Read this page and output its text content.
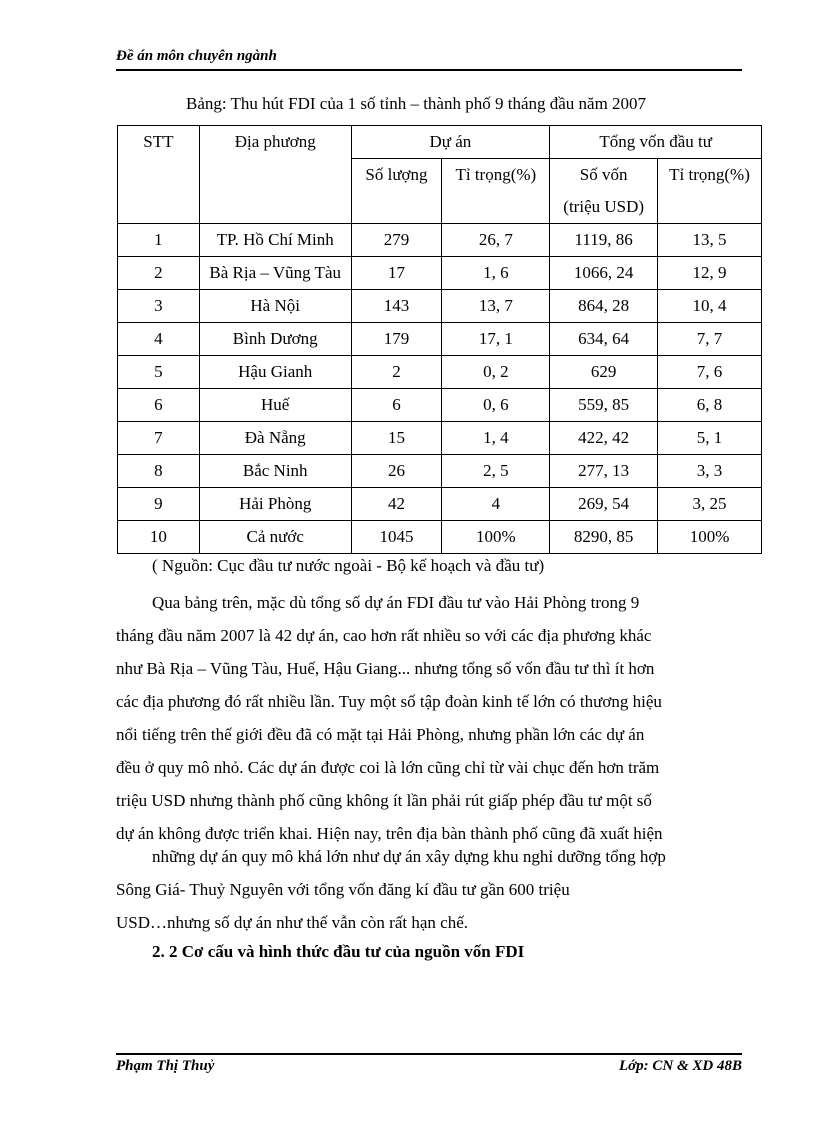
Đề án môn chuyên ngành
Bảng: Thu hút FDI của 1 số tỉnh – thành phố 9 tháng đầu năm 2007
STT	Địa phương	Dự án		Tổng vốn đầu tư	
		Số lượng	Tỉ trọng(%)	Số vốn	Tỉ trọng(%)
				(triệu USD)	
1	TP. Hồ Chí Minh	279	26, 7	1119, 86	13, 5
2	Bà Rịa – Vũng Tàu	17	1, 6	1066, 24	12, 9
3	Hà Nội	143	13, 7	864, 28	10, 4
4	Bình Dương	179	17, 1	634, 64	7, 7
5	Hậu Gianh	2	0, 2	629	7, 6
6	Huế	6	0, 6	559, 85	6, 8
7	Đà Nẵng	15	1, 4	422, 42	5, 1
8	Bắc Ninh	26	2, 5	277, 13	3, 3
9	Hải Phòng	42	4	269, 54	3, 25
10	Cả nước	1045	100%	8290, 85	100%
( Nguồn: Cục đầu tư nước ngoài - Bộ kế hoạch và đầu tư)
Qua bảng trên, mặc dù tổng số dự án FDI đầu tư vào Hải Phòng trong 9
tháng đầu năm 2007 là 42 dự án, cao hơn rất nhiều so với các địa phương khác
như Bà Rịa – Vũng Tàu, Huế, Hậu Giang... nhưng tổng số vốn đầu tư thì ít hơn
các địa phương đó rất nhiều lần. Tuy một số tập đoàn kinh tế lớn có thương hiệu
nổi tiếng trên thế giới đều đã có mặt tại Hải Phòng, nhưng phần lớn các dự án
đều ở quy mô nhỏ. Các dự án được coi là lớn cũng chỉ từ vài chục đến hơn trăm
triệu USD nhưng thành phố cũng không ít lần phải rút giấp phép đầu tư một số
dự án không được triển khai. Hiện nay, trên địa bàn thành phố cũng đã xuất hiện
những dự án quy mô khá lớn như dự án xây dựng khu nghỉ dưỡng tổng hợp
Sông Giá- Thuỷ Nguyên với tổng vốn đăng kí đầu tư gần 600 triệu
USD…nhưng số dự án như thế vẫn còn rất hạn chế.
2. 2 Cơ cấu và hình thức đầu tư của nguồn vốn FDI
Phạm Thị Thuỷ	Lớp: CN & XD 48B
